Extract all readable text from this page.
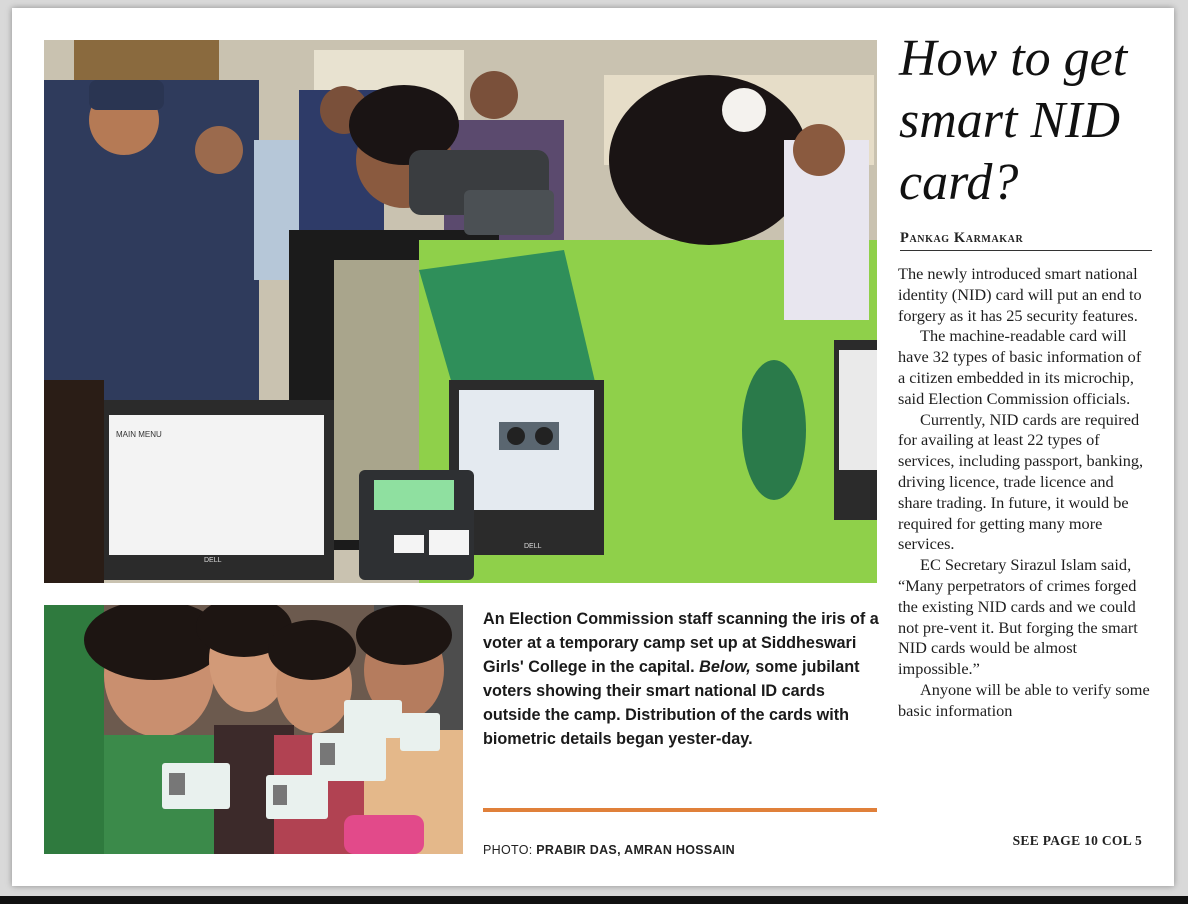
MAIN MENU
DELL
DELL
An Election Commission staff scanning the iris of a voter at a temporary camp set up at Siddheswari Girls' College in the capital. Below, some jubilant voters showing their smart national ID cards outside the camp. Distribution of the cards with biometric details began yester-day.
PHOTO: PRABIR DAS, AMRAN HOSSAIN
How to get smart NID card?
Pankag Karmakar

The newly introduced smart national identity (NID) card will put an end to forgery as it has 25 security features.

The machine-readable card will have 32 types of basic information of a citizen embedded in its microchip, said Election Commission officials.

Currently, NID cards are required for availing at least 22 types of services, including passport, banking, driving licence, trade licence and share trading. In future, it would be required for getting many more services.

EC Secretary Sirazul Islam said, “Many perpetrators of crimes forged the existing NID cards and we could not pre-vent it. But forging the smart NID cards would be almost impossible.”

Anyone will be able to verify some basic information

SEE PAGE 10 COL 5
